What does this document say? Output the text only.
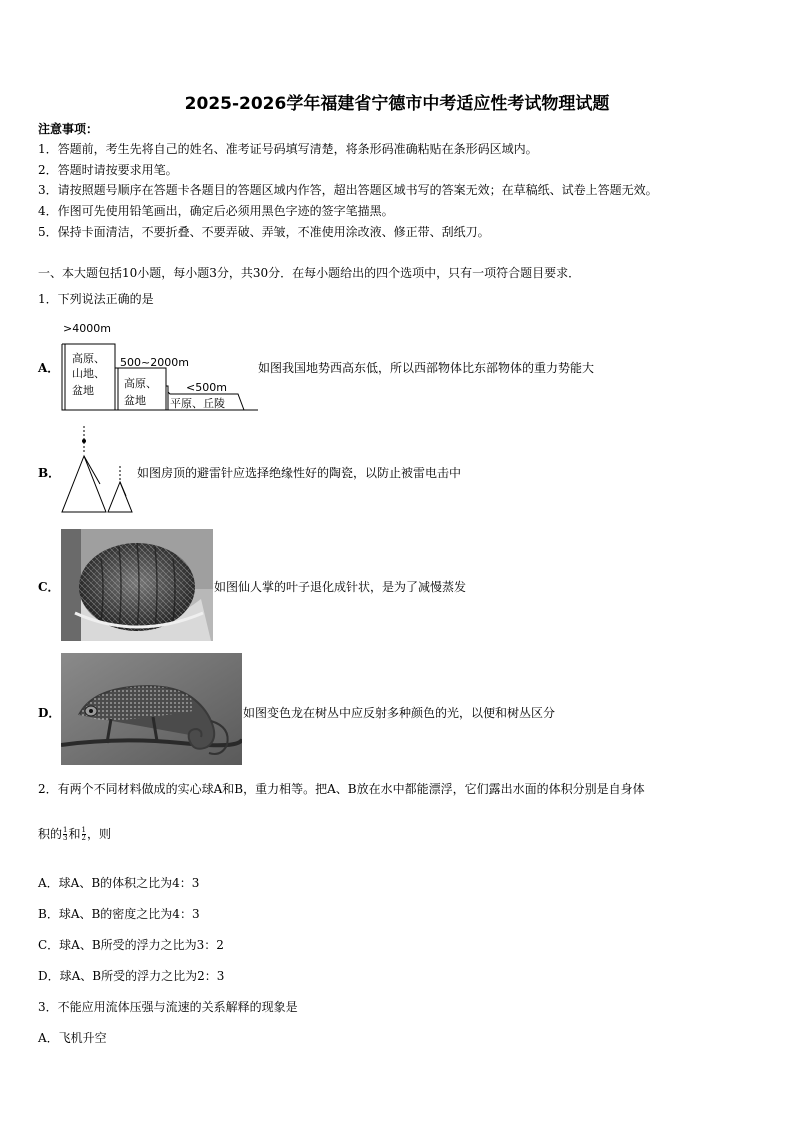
2025-2026学年福建省宁德市中考适应性考试物理试题
注意事项：
1．答题前，考生先将自己的姓名、准考证号码填写清楚，将条形码准确粘贴在条形码区域内。
2．答题时请按要求用笔。
3．请按照题号顺序在答题卡各题目的答题区域内作答，超出答题区域书写的答案无效；在草稿纸、试卷上答题无效。
4．作图可先使用铅笔画出，确定后必须用黑色字迹的签字笔描黑。
5．保持卡面清洁，不要折叠、不要弄破、弄皱，不准使用涂改液、修正带、刮纸刀。
一、本大题包括10小题，每小题3分，共30分．在每小题给出的四个选项中，只有一项符合题目要求．
1．下列说法正确的是
A．
>4000m
高原、
山地、
盆地
500~2000m
高原、
盆地
<500m
平原、丘陵
如图我国地势西高东低，所以西部物体比东部物体的重力势能大
B．	如图房顶的避雷针应选择绝缘性好的陶瓷，以防止被雷电击中
C．	如图仙人掌的叶子退化成针状，是为了减慢蒸发
D．	如图变色龙在树丛中应反射多种颜色的光，以便和树丛区分
2．有两个不同材料做成的实心球A和B，重力相等。把A、B放在水中都能漂浮，它们露出水面的体积分别是自身体
积的 $\frac{1}{3}$ 和 $\frac{1}{2}$ ，则
A．球A、B的体积之比为4：3
B．球A、B的密度之比为4：3
C．球A、B所受的浮力之比为3：2
D．球A、B所受的浮力之比为2：3
3．不能应用流体压强与流速的关系解释的现象是
A．飞机升空
